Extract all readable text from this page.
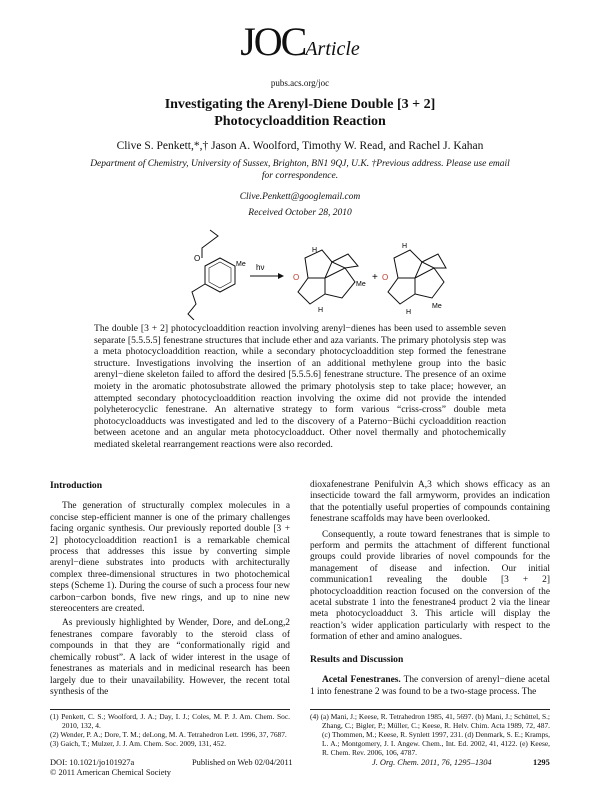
JOCArticle
pubs.acs.org/joc
Investigating the Arenyl-Diene Double [3 + 2]
Photocycloaddition Reaction
Clive S. Penkett,*,† Jason A. Woolford, Timothy W. Read, and Rachel J. Kahan
Department of Chemistry, University of Sussex, Brighton, BN1 9QJ, U.K. †Previous address. Please use email for correspondence.
Clive.Penkett@googlemail.com
Received October 28, 2010
O
Me hν
O
H
H
Me
+ O
H
H
Me
The double [3 + 2] photocycloaddition reaction involving arenyl−dienes has been used to assemble seven separate [5.5.5.5] fenestrane structures that include ether and aza variants. The primary photolysis step was a meta photocycloaddition reaction, while a secondary photocycloaddition step formed the fenestrane structure. Investigations involving the insertion of an additional methylene group into the basic arenyl−diene skeleton failed to afford the desired [5.5.5.6] fenestrane structure. The presence of an oxime moiety in the aromatic photosubstrate allowed the primary photolysis step to take place; however, an attempted secondary photocycloaddition reaction involving the oxime did not provide the intended polyheterocyclic fenestrane. An alternative strategy to form various “criss-cross” double meta photocycloadducts was investigated and led to the discovery of a Paterno−Büchi cycloaddition reaction between acetone and an angular meta photocycloadduct. Other novel thermally and photochemically mediated skeletal rearrangement reactions were also recorded.
Introduction

The generation of structurally complex molecules in a concise step-efficient manner is one of the primary challenges facing organic synthesis. Our previously reported double [3 + 2] photocycloaddition reaction1 is a remarkable chemical process that addresses this issue by converting simple arenyl−diene substrates into products with architecturally complex three-dimensional structures in two photochemical steps (Scheme 1). During the course of such a process four new carbon−carbon bonds, five new rings, and up to nine new stereocenters are created.

As previously highlighted by Wender, Dore, and deLong,2 fenestranes compare favorably to the steroid class of compounds in that they are “conformationally rigid and chemically robust”. A lack of wider interest in the usage of fenestranes as materials and in medicinal research has been largely due to their unavailability. However, the recent total synthesis of the

dioxafenestrane Penifulvin A,3 which shows efficacy as an insecticide toward the fall armyworm, provides an indication that the potentially useful properties of compounds containing fenestrane scaffolds may have been overlooked.

Consequently, a route toward fenestranes that is simple to perform and permits the attachment of different functional groups could provide libraries of novel compounds for the management of disease and infection. Our initial communication1 revealing the double [3 + 2] photocycloaddition reaction focused on the conversion of the acetal substrate 1 into the fenestrane4 product 2 via the linear meta photocycloadduct 3. This article will display the reaction’s wider application particularly with respect to the formation of ether and amino analogues.

Results and Discussion

Acetal Fenestranes. The conversion of arenyl−diene acetal 1 into fenestrane 2 was found to be a two-stage process. The

(1) Penkett, C. S.; Woolford, J. A.; Day, I. J.; Coles, M. P. J. Am. Chem. Soc. 2010, 132, 4.

(2) Wender, P. A.; Dore, T. M.; deLong, M. A. Tetrahedron Lett. 1996, 37, 7687.

(3) Gaich, T.; Mulzer, J. J. Am. Chem. Soc. 2009, 131, 452.

(4) (a) Mani, J.; Keese, R. Tetrahedron 1985, 41, 5697. (b) Mani, J.; Schüttel, S.; Zhang, C.; Bigler, P.; Müller, C.; Keese, R. Helv. Chim. Acta 1989, 72, 487. (c) Thommen, M.; Keese, R. Synlett 1997, 231. (d) Denmark, S. E.; Kramps, L. A.; Montgomery, J. I. Angew. Chem., Int. Ed. 2002, 41, 4122. (e) Keese, R. Chem. Rev. 2006, 106, 4787.

DOI: 10.1021/jo101927a
© 2011 American Chemical Society
Published on Web 02/04/2011	J. Org. Chem. 2011, 76, 1295–1304	1295
